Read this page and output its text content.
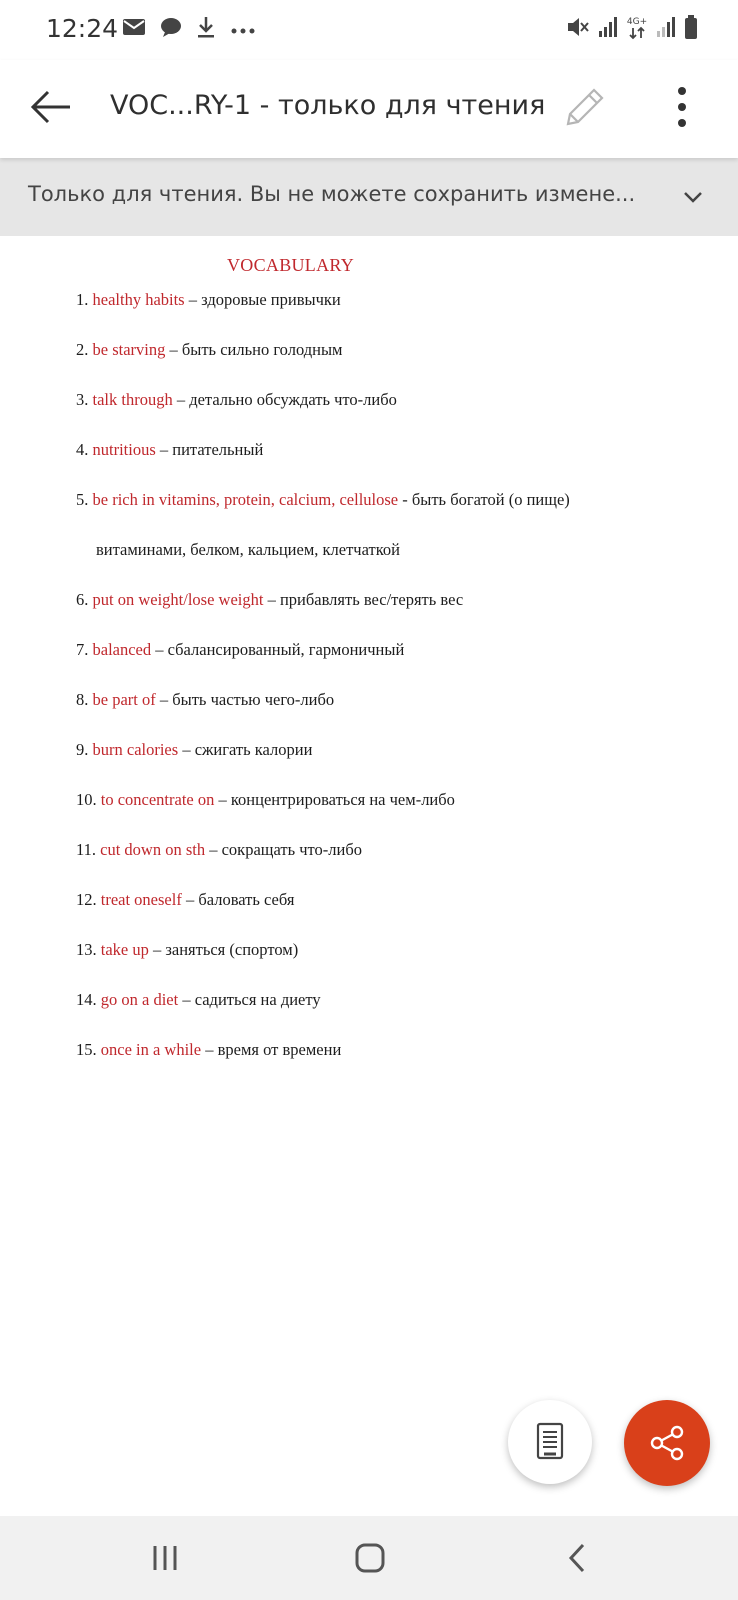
12:24	4G+
VOC...RY-1 - только для чтения
Только для чтения. Вы не можете сохранить измене...
VOCABULARY
1. healthy habits – здоровые привычки
2. be starving – быть сильно голодным
3. talk through – детально обсуждать что-либо
4. nutritious – питательный
5. be rich in vitamins, protein, calcium, cellulose - быть богатой (о пище)
витаминами, белком, кальцием, клетчаткой
6. put on weight/lose weight – прибавлять вес/терять вес
7. balanced – сбалансированный, гармоничный
8. be part of – быть частью чего-либо
9. burn calories – сжигать калории
10. to concentrate on – концентрироваться на чем-либо
11. cut down on sth – сокращать что-либо
12. treat oneself – баловать себя
13. take up – заняться (спортом)
14. go on a diet – садиться на диету
15. once in a while – время от времени
